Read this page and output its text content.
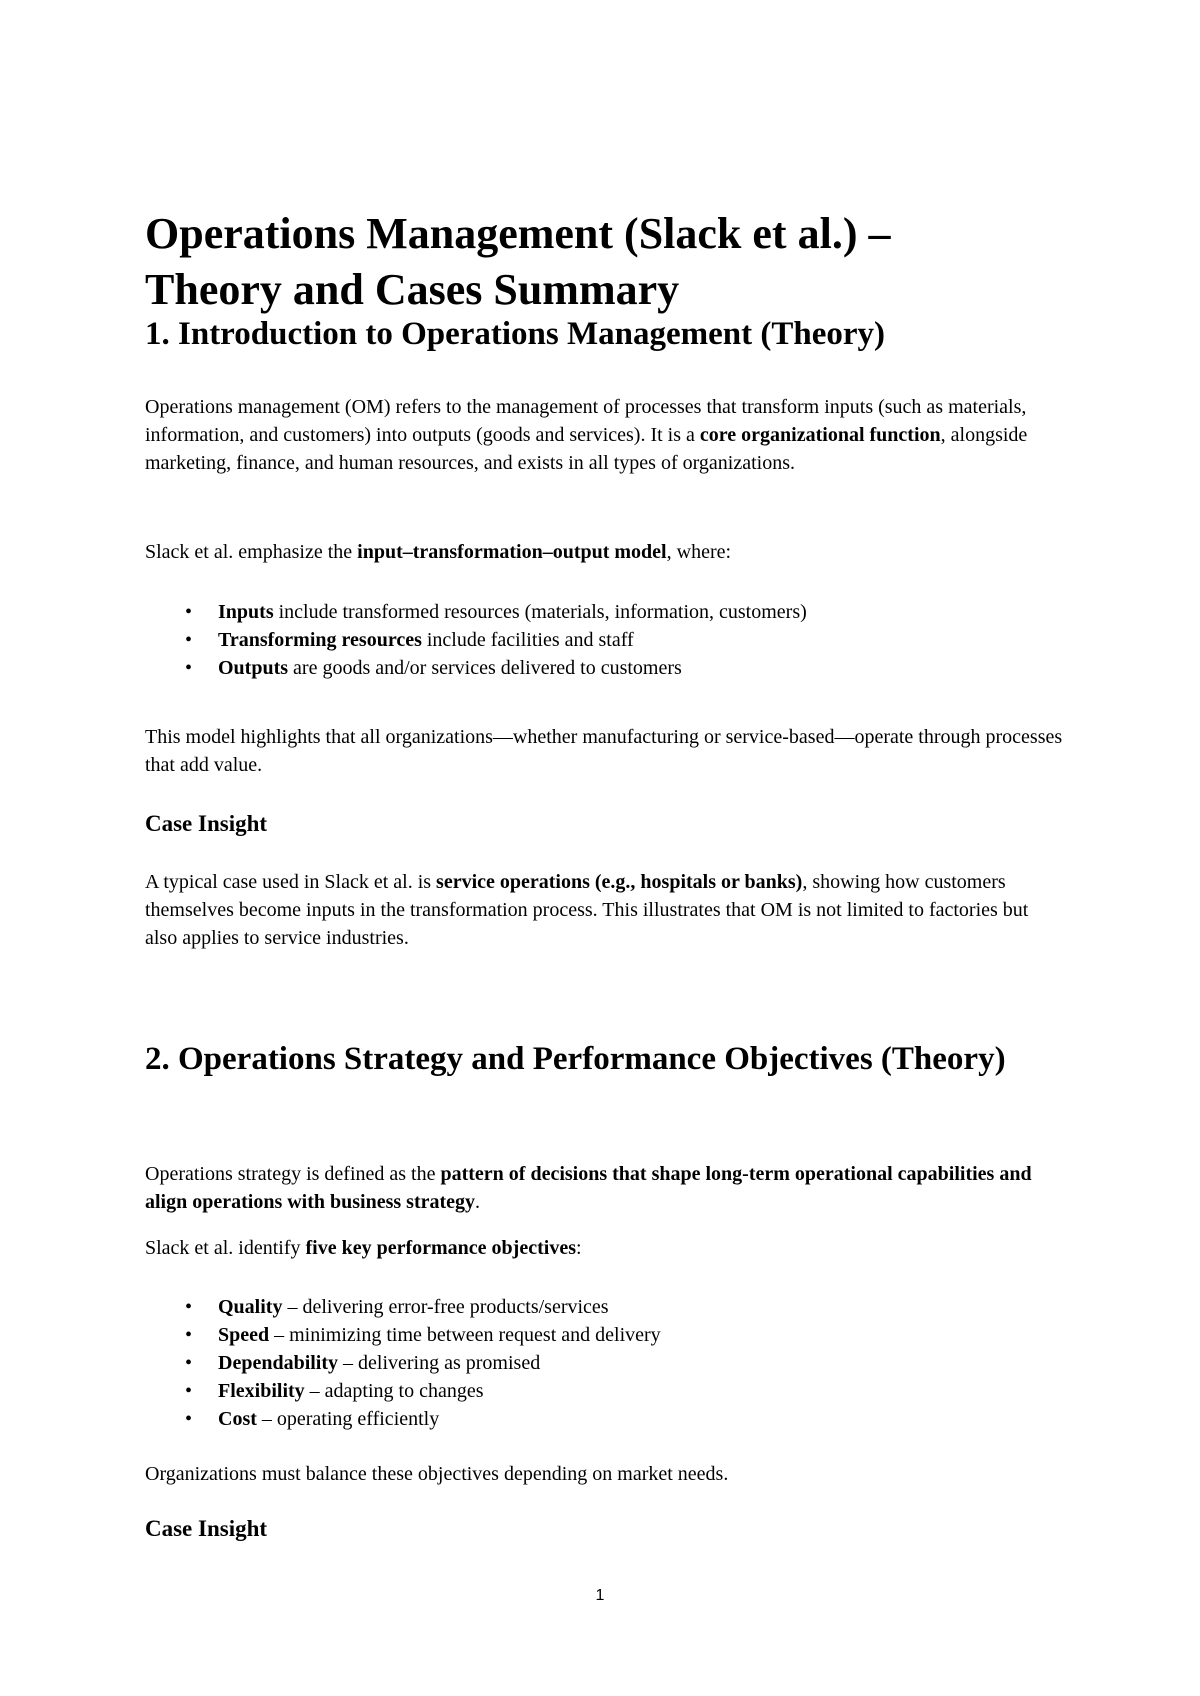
Operations Management (Slack et al.) –
Theory and Cases Summary
1. Introduction to Operations Management (Theory)

Operations management (OM) refers to the management of processes that transform inputs (such as materials, information, and customers) into outputs (goods and services). It is a core organizational function, alongside marketing, finance, and human resources, and exists in all types of organizations.

Slack et al. emphasize the input–transformation–output model, where:

• Inputs include transformed resources (materials, information, customers)
• Transforming resources include facilities and staff
• Outputs are goods and/or services delivered to customers

This model highlights that all organizations—whether manufacturing or service-based—operate through processes that add value.

Case Insight

A typical case used in Slack et al. is service operations (e.g., hospitals or banks), showing how customers themselves become inputs in the transformation process. This illustrates that OM is not limited to factories but also applies to service industries.

2. Operations Strategy and Performance Objectives (Theory)

Operations strategy is defined as the pattern of decisions that shape long-term operational capabilities and align operations with business strategy.

Slack et al. identify five key performance objectives:

• Quality – delivering error-free products/services
• Speed – minimizing time between request and delivery
• Dependability – delivering as promised
• Flexibility – adapting to changes
• Cost – operating efficiently

Organizations must balance these objectives depending on market needs.

Case Insight
1
